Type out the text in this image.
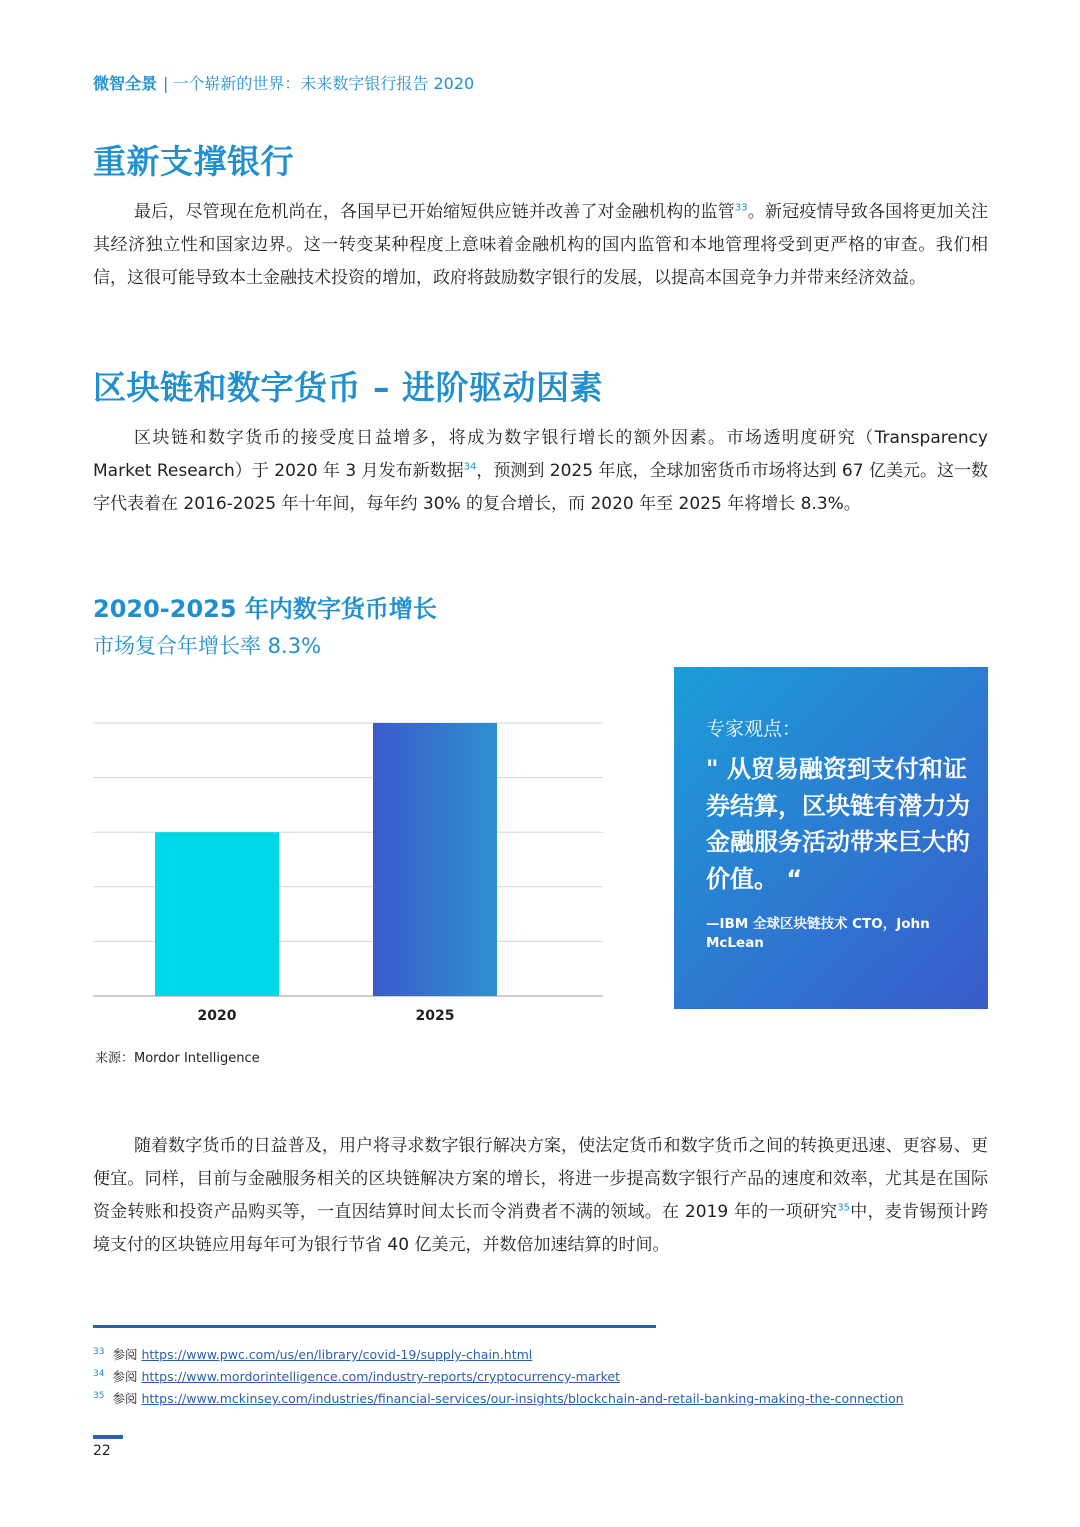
微智全景 | 一个崭新的世界：未来数字银行报告 2020
重新支撑银行

最后，尽管现在危机尚在，各国早已开始缩短供应链并改善了对金融机构的监管$^{33}$。新冠疫情导致各国将更加关注其经济独立性和国家边界。这一转变某种程度上意味着金融机构的国内监管和本地管理将受到更严格的审查。我们相信，这很可能导致本土金融技术投资的增加，政府将鼓励数字银行的发展，以提高本国竞争力并带来经济效益。

区块链和数字货币 – 进阶驱动因素

区块链和数字货币的接受度日益增多，将成为数字银行增长的额外因素。市场透明度研究（Transparency Market Research）于 2020 年 3 月发布新数据$^{34}$，预测到 2025 年底，全球加密货币市场将达到 67 亿美元。这一数字代表着在 2016-2025 年十年间，每年约 30% 的复合增长，而 2020 年至 2025 年将增长 8.3%。

2020-2025 年内数字货币增长
市场复合年增长率 8.3%
2020	2025
来源：Mordor Intelligence
专家观点：
" 从贸易融资到支付和证券结算，区块链有潜力为金融服务活动带来巨大的价值。 “
—IBM 全球区块链技术 CTO，John McLean

随着数字货币的日益普及，用户将寻求数字银行解决方案，使法定货币和数字货币之间的转换更迅速、更容易、更便宜。同样，目前与金融服务相关的区块链解决方案的增长，将进一步提高数字银行产品的速度和效率，尤其是在国际资金转账和投资产品购买等，一直因结算时间太长而令消费者不满的领域。在 2019 年的一项研究$^{35}$中，麦肯锡预计跨境支付的区块链应用每年可为银行节省 40 亿美元，并数倍加速结算的时间。

$^{33}$ 参阅 https://www.pwc.com/us/en/library/covid-19/supply-chain.html
$^{34}$ 参阅 https://www.mordorintelligence.com/industry-reports/cryptocurrency-market
$^{35}$ 参阅 https://www.mckinsey.com/industries/financial-services/our-insights/blockchain-and-retail-banking-making-the-connection
22
